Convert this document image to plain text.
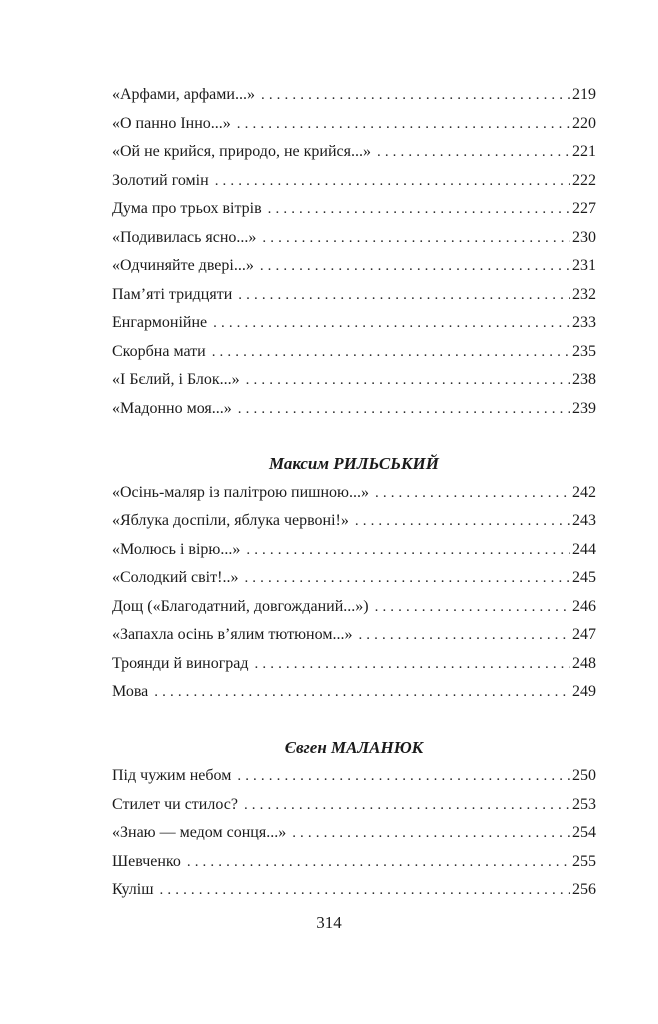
«Арфами, арфами...» .....	219
«О панно Інно...» .....	220
«Ой не крийся, природо, не крийся...» .....	221
Золотий гомін .....	222
Дума про трьох вітрів .....	227
«Подивилась ясно...» .....	230
«Одчиняйте двері...» .....	231
Пам’яті тридцяти .....	232
Енгармонійне .....	233
Скорбна мати .....	235
«І Бєлий, і Блок...» .....	238
«Мадонно моя...» .....	239
Максим РИЛЬСЬКИЙ
«Осінь-маляр із палітрою пишною...» .....	242
«Яблука доспіли, яблука червоні!» .....	243
«Молюсь і вірю...» .....	244
«Солодкий світ!..» .....	245
Дощ («Благодатний, довгожданий...») .....	246
«Запахла осінь в’ялим тютюном...» .....	247
Троянди й виноград .....	248
Мова .....	249
Євген МАЛАНЮК
Під чужим небом .....	250
Стилет чи стилос? .....	253
«Знаю — медом сонця...» .....	254
Шевченко .....	255
Куліш .....	256
314
